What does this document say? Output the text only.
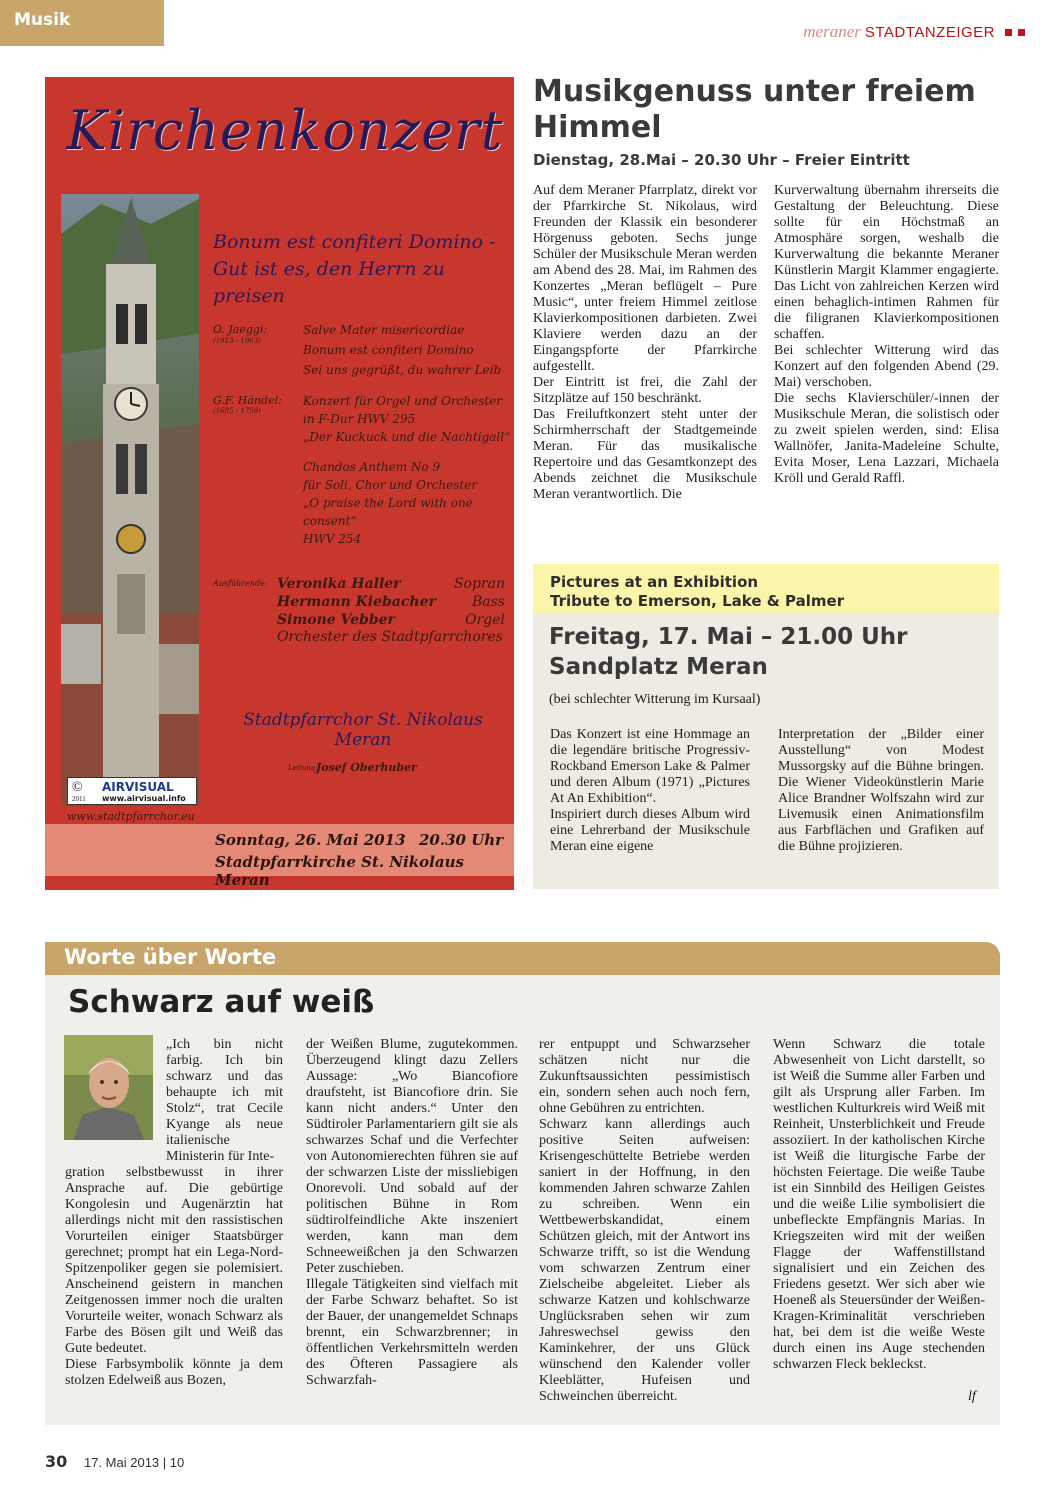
Musik
meraner STADTANZEIGER
Kirchenkonzert
©
2011
AIRVISUAL
www.airvisual.info
www.stadtpfarrchor.eu
Bonum est confiteri Domino -
Gut ist es, den Herrn zu preisen
O. Jaeggi:
(1913 - 1963)
Salve Mater misericordiae
Bonum est confiteri Domino
Sei uns gegrüßt, du wahrer Leib
G.F. Händel:
(1685 - 1759)
Konzert für Orgel und Orchester
in F-Dur HWV 295
„Der Kuckuck und die Nachtigall“
Chandos Anthem No 9
für Soli, Chor und Orchester
„O praise the Lord with one consent“
HWV 254
Ausführende: Veronika Haller
Hermann Kiebacher
Simone Vebber
Sopran
Bass
Orgel
Orchester des Stadtpfarrchores
Stadtpfarrchor St. Nikolaus Meran
Leitung:
Josef Oberhuber
Sonntag, 26. Mai 2013 20.30 Uhr
Stadtpfarrkirche St. Nikolaus Meran
Musikgenuss unter freiem
Himmel
Dienstag, 28.Mai – 20.30 Uhr – Freier Eintritt

Auf dem Meraner Pfarrplatz, direkt vor der Pfarrkirche St. Nikolaus, wird Freunden der Klassik ein besonderer Hörgenuss geboten. Sechs junge Schüler der Musikschule Meran werden am Abend des 28. Mai, im Rahmen des Konzertes „Meran beflügelt – Pure Music“, unter freiem Himmel zeitlose Klavierkompositionen darbieten. Zwei Klaviere werden dazu an der Eingangspforte der Pfarrkirche aufgestellt.

Der Eintritt ist frei, die Zahl der Sitzplätze auf 150 beschränkt.

Das Freiluftkonzert steht unter der Schirmherrschaft der Stadtgemeinde Meran. Für das musikalische Repertoire und das Gesamtkonzept des Abends zeichnet die Musikschule Meran verantwortlich. Die

Kurverwaltung übernahm ihrerseits die Gestaltung der Beleuchtung. Diese sollte für ein Höchstmaß an Atmosphäre sorgen, weshalb die Kurverwaltung die bekannte Meraner Künstlerin Margit Klammer engagierte. Das Licht von zahlreichen Kerzen wird einen behaglich-intimen Rahmen für die filigranen Klavierkompositionen schaffen.

Bei schlechter Witterung wird das Konzert auf den folgenden Abend (29. Mai) verschoben.

Die sechs Klavierschüler/-innen der Musikschule Meran, die solistisch oder zu zweit spielen werden, sind: Elisa Wallnöfer, Janita-Madeleine Schulte, Evita Moser, Lena Lazzari, Michaela Kröll und Gerald Raffl.

Pictures at an Exhibition
Tribute to Emerson, Lake & Palmer
Freitag, 17. Mai – 21.00 Uhr
Sandplatz Meran
(bei schlechter Witterung im Kursaal)

Das Konzert ist eine Hommage an die legendäre britische Progressiv-Rockband Emerson Lake & Palmer und deren Album (1971) „Pictures At An Exhibition“.

Inspiriert durch dieses Album wird eine Lehrerband der Musikschule Meran eine eigene

Interpretation der „Bilder einer Ausstellung“ von Modest Mussorgsky auf die Bühne bringen. Die Wiener Videokünstlerin Marie Alice Brandner Wolfszahn wird zur Livemusik einen Animationsfilm aus Farbflächen und Grafiken auf die Bühne projizieren.

Worte über Worte
Schwarz auf weiß

„Ich bin nicht farbig. Ich bin schwarz und das behaupte ich mit Stolz“, trat Cecile Kyange als neue italienische Ministerin für Inte-

gration selbstbewusst in ihrer Ansprache auf. Die gebürtige Kongolesin und Augenärztin hat allerdings nicht mit den rassistischen Vorurteilen einiger Staatsbürger gerechnet; prompt hat ein Lega-Nord-Spitzenpoliker gegen sie polemisiert. Anscheinend geistern in manchen Zeitgenossen immer noch die uralten Vorurteile weiter, wonach Schwarz als Farbe des Bösen gilt und Weiß das Gute bedeutet.

Diese Farbsymbolik könnte ja dem stolzen Edelweiß aus Bozen,

der Weißen Blume, zugutekommen. Überzeugend klingt dazu Zellers Aussage: „Wo Biancofiore draufsteht, ist Biancofiore drin. Sie kann nicht anders.“ Unter den Südtiroler Parlamentariern gilt sie als schwarzes Schaf und die Verfechter von Autonomierechten führen sie auf der schwarzen Liste der missliebigen Onorevoli. Und sobald auf der politischen Bühne in Rom südtirolfeindliche Akte inszeniert werden, kann man dem Schneeweißchen ja den Schwarzen Peter zuschieben.

Illegale Tätigkeiten sind vielfach mit der Farbe Schwarz behaftet. So ist der Bauer, der unangemeldet Schnaps brennt, ein Schwarzbrenner; in öffentlichen Verkehrsmitteln werden des Öfteren Passagiere als Schwarzfah-

rer entpuppt und Schwarzseher schätzen nicht nur die Zukunftsaussichten pessimistisch ein, sondern sehen auch noch fern, ohne Gebühren zu entrichten.

Schwarz kann allerdings auch positive Seiten aufweisen: Krisengeschüttelte Betriebe werden saniert in der Hoffnung, in den kommenden Jahren schwarze Zahlen zu schreiben. Wenn ein Wettbewerbskandidat, einem Schützen gleich, mit der Antwort ins Schwarze trifft, so ist die Wendung vom schwarzen Zentrum einer Zielscheibe abgeleitet. Lieber als schwarze Katzen und kohlschwarze Unglücksraben sehen wir zum Jahreswechsel gewiss den Kaminkehrer, der uns Glück wünschend den Kalender voller Kleeblätter, Hufeisen und Schweinchen überreicht.

Wenn Schwarz die totale Abwesenheit von Licht darstellt, so ist Weiß die Summe aller Farben und gilt als Ursprung aller Farben. Im westlichen Kulturkreis wird Weiß mit Reinheit, Unsterblichkeit und Freude assoziiert. In der katholischen Kirche ist Weiß die liturgische Farbe der höchsten Feiertage. Die weiße Taube ist ein Sinnbild des Heiligen Geistes und die weiße Lilie symbolisiert die unbefleckte Empfängnis Marias. In Kriegszeiten wird mit der weißen Flagge der Waffenstillstand signalisiert und ein Zeichen des Friedens gesetzt. Wer sich aber wie Hoeneß als Steuersünder der Weißen-Kragen-Kriminalität verschrieben hat, bei dem ist die weiße Weste durch einen ins Auge stechenden schwarzen Fleck bekleckst.

lf
30 17. Mai 2013 | 10
